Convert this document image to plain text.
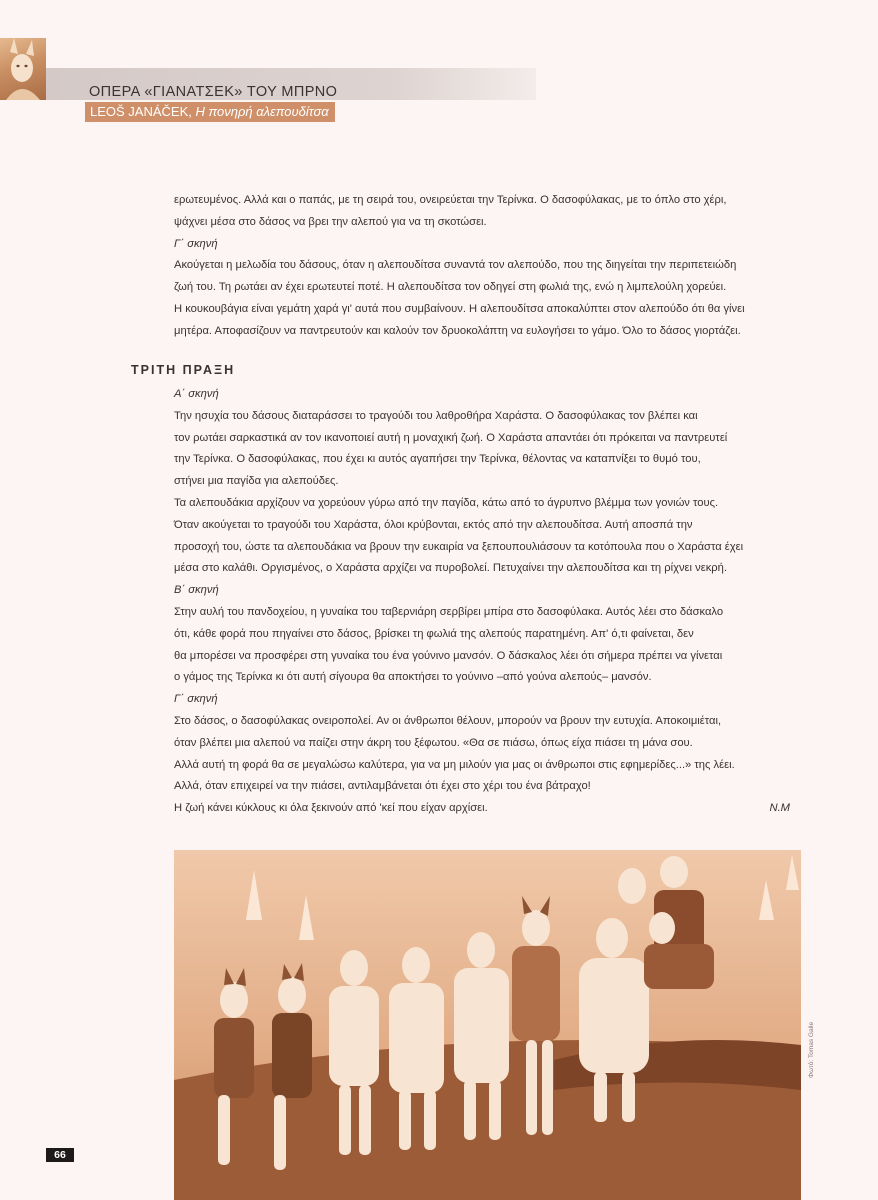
ΟΠΕΡΑ «ΓΙΑΝΑΤΣΕΚ» ΤΟΥ ΜΠΡΝΟ
LEOŠ JANÁČEK, Η πονηρή αλεπουδίτσα
ερωτευμένος. Αλλά και ο παπάς, με τη σειρά του, ονειρεύεται την Τερίνκα. Ο δασοφύλακας, με το όπλο στο χέρι,
ψάχνει μέσα στο δάσος να βρει την αλεπού για να τη σκοτώσει.
Γ΄ σκηνή
Ακούγεται η μελωδία του δάσους, όταν η αλεπουδίτσα συναντά τον αλεπούδο, που της διηγείται την περιπετειώδη
ζωή του. Τη ρωτάει αν έχει ερωτευτεί ποτέ. Η αλεπουδίτσα τον οδηγεί στη φωλιά της, ενώ η λιμπελούλη χορεύει.
Η κουκουβάγια είναι γεμάτη χαρά γι' αυτά που συμβαίνουν. Η αλεπουδίτσα αποκαλύπτει στον αλεπούδο ότι θα γίνει
μητέρα. Αποφασίζουν να παντρευτούν και καλούν τον δρυοκολάπτη να ευλογήσει το γάμο. Όλο το δάσος γιορτάζει.
ΤΡΙΤΗ ΠΡΑΞΗ
Α΄ σκηνή
Την ησυχία του δάσους διαταράσσει το τραγούδι του λαθροθήρα Χαράστα. Ο δασοφύλακας τον βλέπει και
τον ρωτάει σαρκαστικά αν τον ικανοποιεί αυτή η μοναχική ζωή. Ο Χαράστα απαντάει ότι πρόκειται να παντρευτεί
την Τερίνκα. Ο δασοφύλακας, που έχει κι αυτός αγαπήσει την Τερίνκα, θέλοντας να καταπνίξει το θυμό του,
στήνει μια παγίδα για αλεπούδες.
Τα αλεπουδάκια αρχίζουν να χορεύουν γύρω από την παγίδα, κάτω από το άγρυπνο βλέμμα των γονιών τους.
Όταν ακούγεται το τραγούδι του Χαράστα, όλοι κρύβονται, εκτός από την αλεπουδίτσα. Αυτή αποσπά την
προσοχή του, ώστε τα αλεπουδάκια να βρουν την ευκαιρία να ξεπουπουλιάσουν τα κοτόπουλα που ο Χαράστα έχει
μέσα στο καλάθι. Οργισμένος, ο Χαράστα αρχίζει να πυροβολεί. Πετυχαίνει την αλεπουδίτσα και τη ρίχνει νεκρή.
Β΄ σκηνή
Στην αυλή του πανδοχείου, η γυναίκα του ταβερνιάρη σερβίρει μπίρα στο δασοφύλακα. Αυτός λέει στο δάσκαλο
ότι, κάθε φορά που πηγαίνει στο δάσος, βρίσκει τη φωλιά της αλεπούς παρατημένη. Απ' ό,τι φαίνεται, δεν
θα μπορέσει να προσφέρει στη γυναίκα του ένα γούνινο μανσόν. Ο δάσκαλος λέει ότι σήμερα πρέπει να γίνεται
ο γάμος της Τερίνκα κι ότι αυτή σίγουρα θα αποκτήσει το γούνινο –από γούνα αλεπούς– μανσόν.
Γ΄ σκηνή
Στο δάσος, ο δασοφύλακας ονειροπολεί. Αν οι άνθρωποι θέλουν, μπορούν να βρουν την ευτυχία. Αποκοιμιέται,
όταν βλέπει μια αλεπού να παίζει στην άκρη του ξέφωτου. «Θα σε πιάσω, όπως είχα πιάσει τη μάνα σου.
Αλλά αυτή τη φορά θα σε μεγαλώσω καλύτερα, για να μη μιλούν για μας οι άνθρωποι στις εφημερίδες...» της λέει.
Αλλά, όταν επιχειρεί να την πιάσει, αντιλαμβάνεται ότι έχει στο χέρι του ένα βάτραχο!
Η ζωή κάνει κύκλους κι όλα ξεκινούν από 'κεί που είχαν αρχίσει.	Ν.Μ
Φωτό: Tomas Galle
66
